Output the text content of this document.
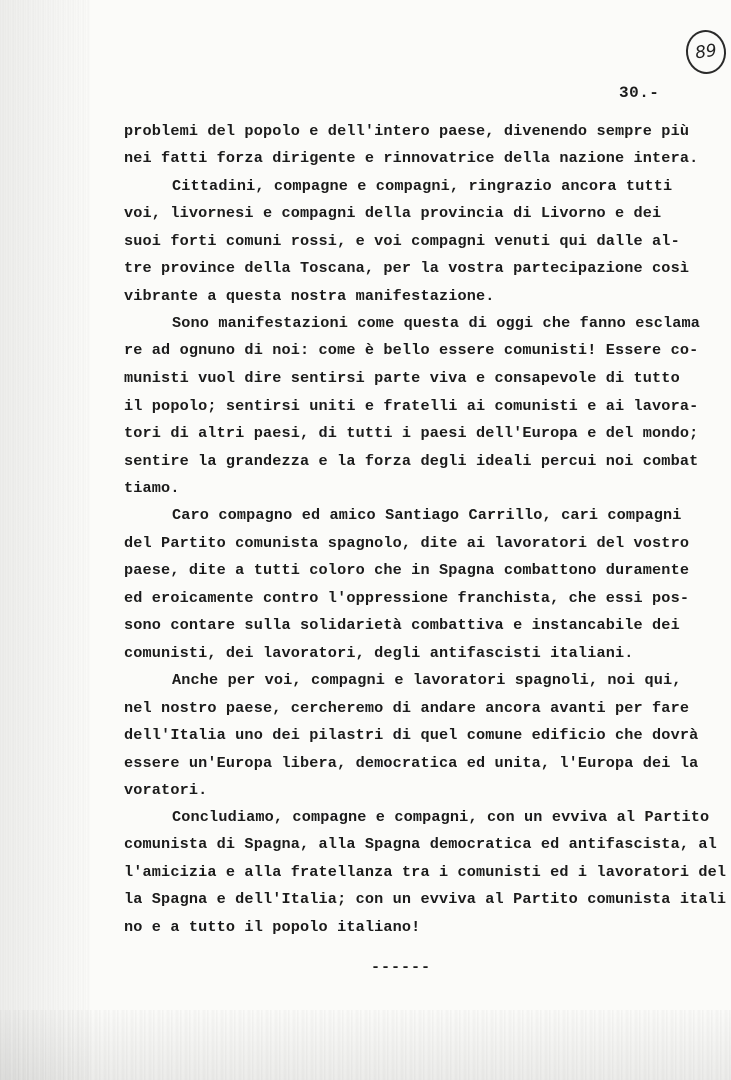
89
30.-
problemi del popolo e dell'intero paese, divenendo sempre più
nei fatti forza dirigente e rinnovatrice della nazione intera.
Cittadini, compagne e compagni, ringrazio ancora tutti
voi, livornesi e compagni della provincia di Livorno e dei
suoi forti comuni rossi, e voi compagni venuti qui dalle al-
tre province della Toscana, per la vostra partecipazione così
vibrante a questa nostra manifestazione.
Sono manifestazioni come questa di oggi che fanno esclama
re ad ognuno di noi: come è bello essere comunisti! Essere co-
munisti vuol dire sentirsi parte viva e consapevole di tutto
il popolo; sentirsi uniti e fratelli ai comunisti e ai lavora-
tori di altri paesi, di tutti i paesi dell'Europa e del mondo;
sentire la grandezza e la forza degli ideali percui noi combat
tiamo.
Caro compagno ed amico Santiago Carrillo, cari compagni
del Partito comunista spagnolo, dite ai lavoratori del vostro
paese, dite a tutti coloro che in Spagna combattono duramente
ed eroicamente contro l'oppressione franchista, che essi pos-
sono contare sulla solidarietà combattiva e instancabile dei
comunisti, dei lavoratori, degli antifascisti italiani.
Anche per voi, compagni e lavoratori spagnoli, noi qui,
nel nostro paese, cercheremo di andare ancora avanti per fare
dell'Italia uno dei pilastri di quel comune edificio che dovrà
essere un'Europa libera, democratica ed unita, l'Europa dei la
voratori.
Concludiamo, compagne e compagni, con un evviva al Partito
comunista di Spagna, alla Spagna democratica ed antifascista, al
l'amicizia e alla fratellanza tra i comunisti ed i lavoratori del
la Spagna e dell'Italia; con un evviva al Partito comunista itali
no e a tutto il popolo italiano!
------
